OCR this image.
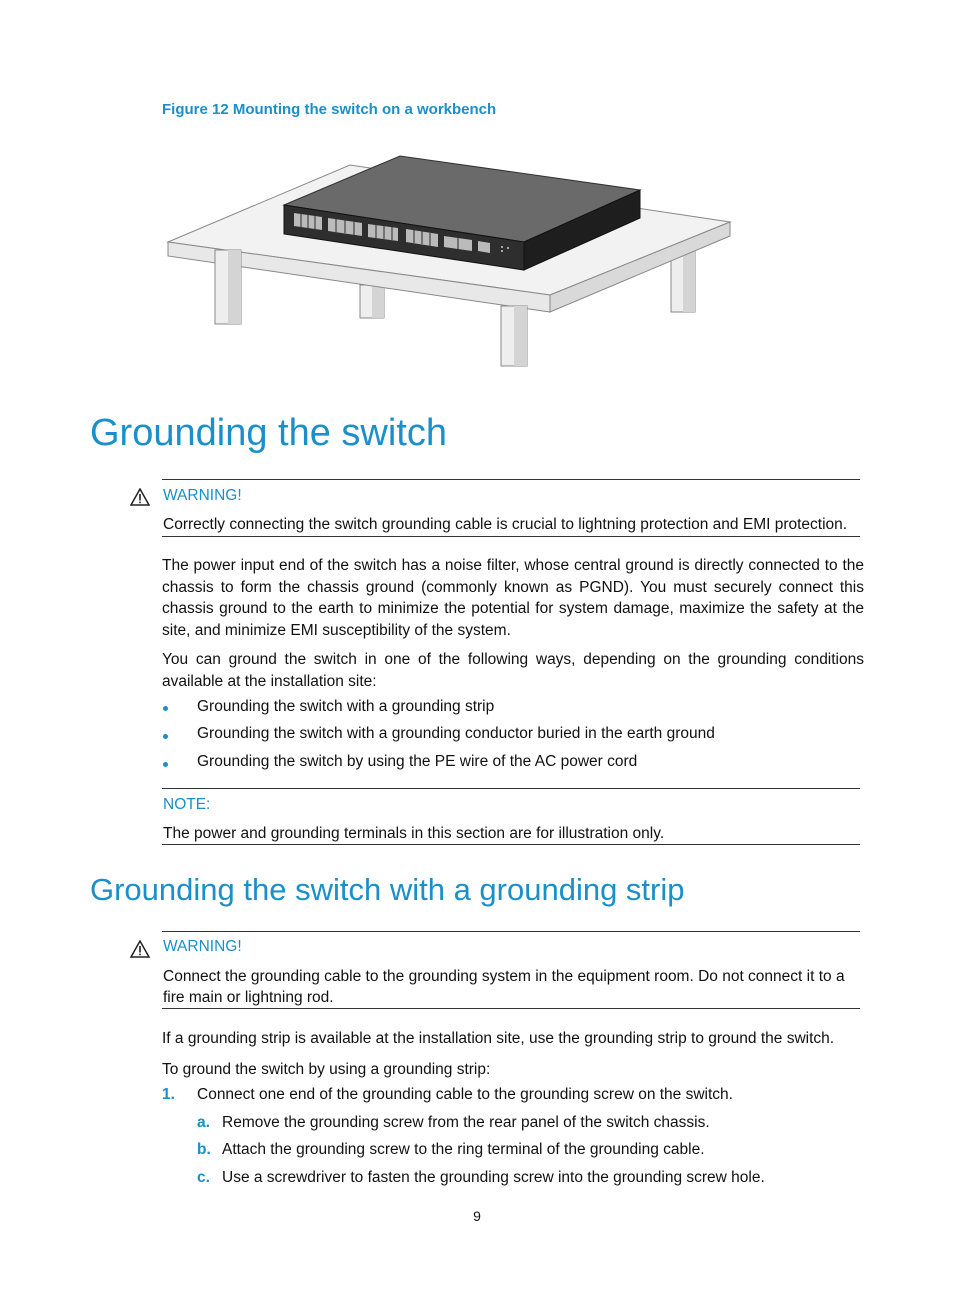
Figure 12 Mounting the switch on a workbench
Grounding the switch
WARNING!
Correctly connecting the switch grounding cable is crucial to lightning protection and EMI protection.
The power input end of the switch has a noise filter, whose central ground is directly connected to the chassis to form the chassis ground (commonly known as PGND). You must securely connect this chassis ground to the earth to minimize the potential for system damage, maximize the safety at the site, and minimize EMI susceptibility of the system.
You can ground the switch in one of the following ways, depending on the grounding conditions available at the installation site:
Grounding the switch with a grounding strip
Grounding the switch with a grounding conductor buried in the earth ground
Grounding the switch by using the PE wire of the AC power cord
NOTE:
The power and grounding terminals in this section are for illustration only.
Grounding the switch with a grounding strip
WARNING!
Connect the grounding cable to the grounding system in the equipment room. Do not connect it to a fire main or lightning rod.
If a grounding strip is available at the installation site, use the grounding strip to ground the switch.
To ground the switch by using a grounding strip:
1. Connect one end of the grounding cable to the grounding screw on the switch.
a. Remove the grounding screw from the rear panel of the switch chassis.
b. Attach the grounding screw to the ring terminal of the grounding cable.
c. Use a screwdriver to fasten the grounding screw into the grounding screw hole.
9
